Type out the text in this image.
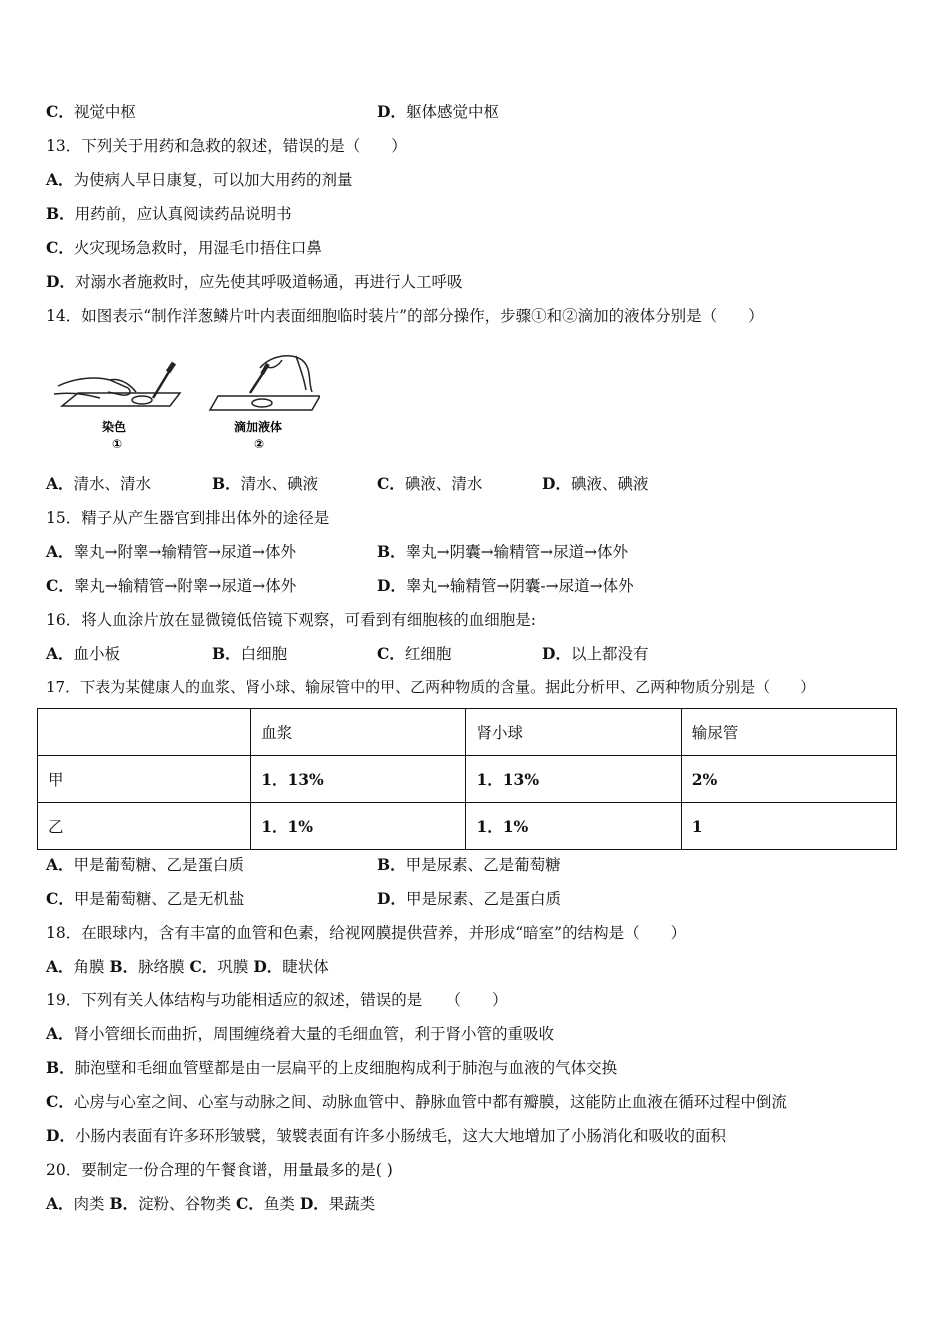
C．视觉中枢	D．躯体感觉中枢
13．下列关于用药和急救的叙述，错误的是（　　）
A．为使病人早日康复，可以加大用药的剂量
B．用药前，应认真阅读药品说明书
C．火灾现场急救时，用湿毛巾捂住口鼻
D．对溺水者施救时，应先使其呼吸道畅通，再进行人工呼吸
14．如图表示“制作洋葱鳞片叶内表面细胞临时装片”的部分操作，步骤①和②滴加的液体分别是（　　）
染色
①
滴加液体
②
A．清水、清水	B．清水、碘液	C．碘液、清水	D．碘液、碘液
15．精子从产生器官到排出体外的途径是
A．睾丸→附睾→输精管→尿道→体外	B．睾丸→阴囊→输精管→尿道→体外
C．睾丸→输精管→附睾→尿道→体外	D．睾丸→输精管→阴囊-→尿道→体外
16．将人血涂片放在显微镜低倍镜下观察，可看到有细胞核的血细胞是:
A．血小板	B．白细胞	C．红细胞	D．以上都没有
17．下表为某健康人的血浆、肾小球、输尿管中的甲、乙两种物质的含量。据此分析甲、乙两种物质分别是（　　）
	血浆	肾小球	输尿管
甲	1．13%	1．13%	2%
乙	1．1%	1．1%	1
A．甲是葡萄糖、乙是蛋白质	B．甲是尿素、乙是葡萄糖
C．甲是葡萄糖、乙是无机盐	D．甲是尿素、乙是蛋白质
18．在眼球内，含有丰富的血管和色素，给视网膜提供营养，并形成“暗室”的结构是（　　）
A．角膜 B．脉络膜 C．巩膜 D．睫状体
19．下列有关人体结构与功能相适应的叙述，错误的是　　（　　）
A．肾小管细长而曲折，周围缠绕着大量的毛细血管，利于肾小管的重吸收
B．肺泡壁和毛细血管壁都是由一层扁平的上皮细胞构成利于肺泡与血液的气体交换
C．心房与心室之间、心室与动脉之间、动脉血管中、静脉血管中都有瓣膜，这能防止血液在循环过程中倒流
D．小肠内表面有许多环形皱襞，皱襞表面有许多小肠绒毛，这大大地增加了小肠消化和吸收的面积
20．要制定一份合理的午餐食谱，用量最多的是( )
A．肉类 B．淀粉、谷物类 C．鱼类 D．果蔬类
